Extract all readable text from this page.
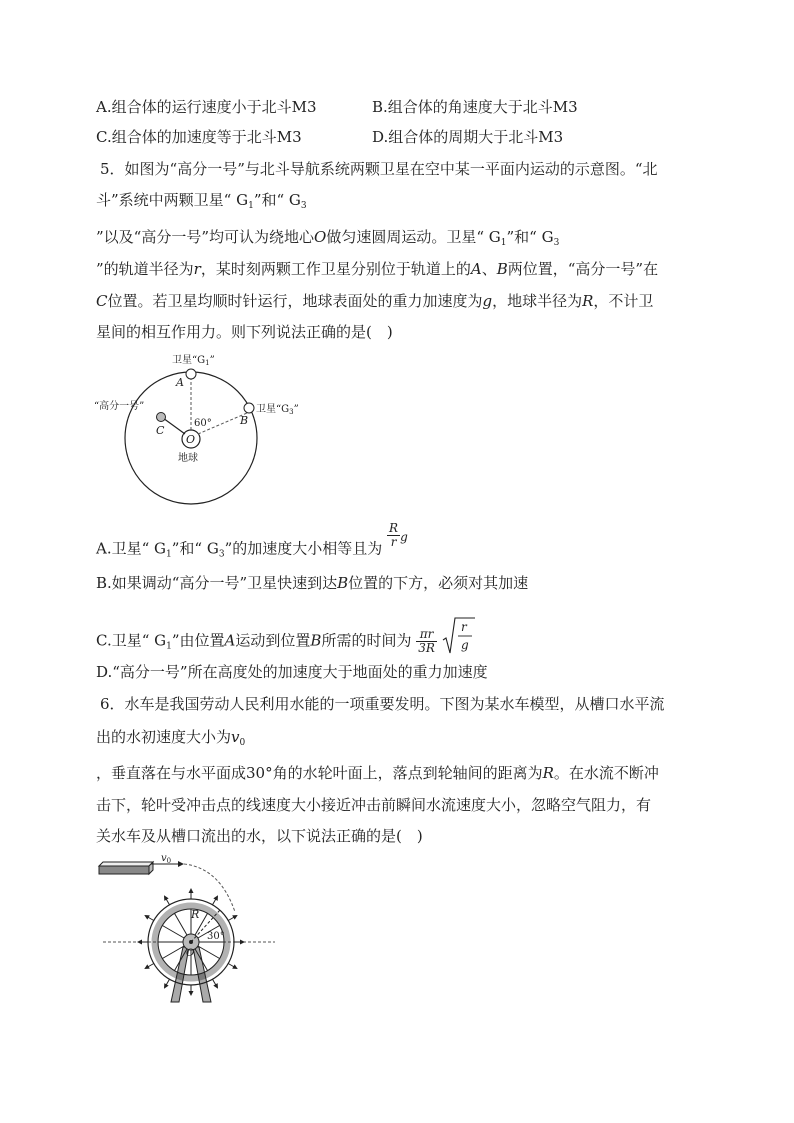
A.组合体的运行速度小于北斗M3	B.组合体的角速度大于北斗M3
C.组合体的加速度等于北斗M3	D.组合体的周期大于北斗M3
5．如图为“高分一号”与北斗导航系统两颗卫星在空中某一平面内运动的示意图。“北
斗”系统中两颗卫星“ $G_1$”和“ $G_3$
”以及“高分一号”均可认为绕地心O做匀速圆周运动。卫星“ $G_1$”和“ $G_3$
”的轨道半径为r，某时刻两颗工作卫星分别位于轨道上的A、B两位置，“高分一号”在
C位置。若卫星均顺时针运行，地球表面处的重力加速度为g，地球半径为R，不计卫
星间的相互作用力。则下列说法正确的是(　)
O
卫星“$G_1$”
A
卫星“$G_3$”
B
“高分一号”
C
60°
地球
A.卫星“ $G_1$”和“ $G_3$”的加速度大小相等且为 $\frac{R}{r} ^g$
B.如果调动“高分一号”卫星快速到达B位置的下方，必须对其加速
C.卫星“ $G_1$”由位置A运动到位置B所需的时间为 $\frac{\pi r}{3R}$

r
g
D.“高分一号”所在高度处的加速度大于地面处的重力加速度
6．水车是我国劳动人民利用水能的一项重要发明。下图为某水车模型，从槽口水平流
出的水初速度大小为$v_0$
，垂直落在与水平面成30°角的水轮叶面上，落点到轮轴间的距离为R。在水流不断冲
击下，轮叶受冲击点的线速度大小接近冲击前瞬间水流速度大小，忽略空气阻力，有
关水车及从槽口流出的水，以下说法正确的是(　)
$v_0$
O
R
30°
